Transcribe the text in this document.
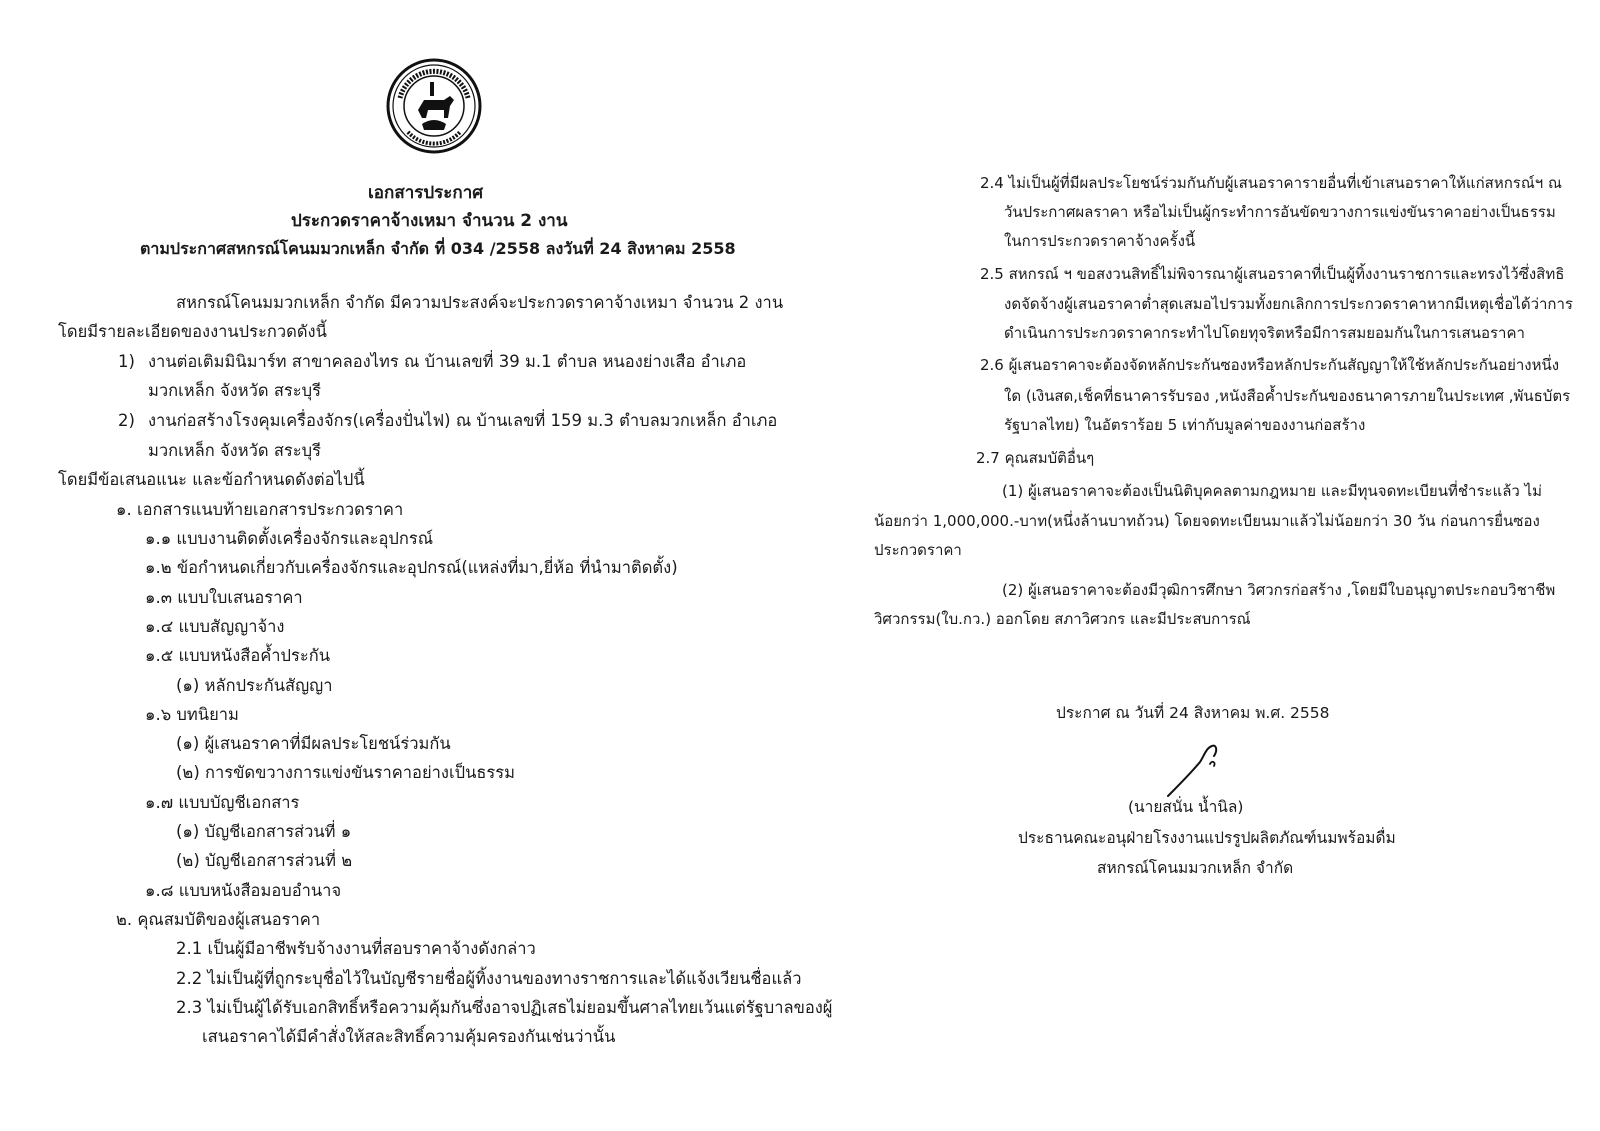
เอกสารประกาศ
ประกวดราคาจ้างเหมา จำนวน 2 งาน
ตามประกาศสหกรณ์โคนมมวกเหล็ก จำกัด ที่ 034 /2558 ลงวันที่ 24 สิงหาคม 2558
สหกรณ์โคนมมวกเหล็ก จำกัด มีความประสงค์จะประกวดราคาจ้างเหมา จำนวน 2 งาน
โดยมีรายละเอียดของงานประกวดดังนี้
1) งานต่อเติมมินิมาร์ท สาขาคลองไทร ณ บ้านเลขที่ 39 ม.1 ตำบล หนองย่างเสือ อำเภอ
มวกเหล็ก จังหวัด สระบุรี
2) งานก่อสร้างโรงคุมเครื่องจักร(เครื่องปั่นไฟ) ณ บ้านเลขที่ 159 ม.3 ตำบลมวกเหล็ก อำเภอ
มวกเหล็ก จังหวัด สระบุรี
โดยมีข้อเสนอแนะ และข้อกำหนดดังต่อไปนี้
๑. เอกสารแนบท้ายเอกสารประกวดราคา
๑.๑ แบบงานติดตั้งเครื่องจักรและอุปกรณ์
๑.๒ ข้อกำหนดเกี่ยวกับเครื่องจักรและอุปกรณ์(แหล่งที่มา,ยี่ห้อ ที่นำมาติดตั้ง)
๑.๓ แบบใบเสนอราคา
๑.๔ แบบสัญญาจ้าง
๑.๕ แบบหนังสือค้ำประกัน
(๑) หลักประกันสัญญา
๑.๖ บทนิยาม
(๑) ผู้เสนอราคาที่มีผลประโยชน์ร่วมกัน
(๒) การขัดขวางการแข่งขันราคาอย่างเป็นธรรม
๑.๗ แบบบัญชีเอกสาร
(๑) บัญชีเอกสารส่วนที่ ๑
(๒) บัญชีเอกสารส่วนที่ ๒
๑.๘ แบบหนังสือมอบอำนาจ
๒. คุณสมบัติของผู้เสนอราคา
2.1 เป็นผู้มีอาชีพรับจ้างงานที่สอบราคาจ้างดังกล่าว
2.2 ไม่เป็นผู้ที่ถูกระบุชื่อไว้ในบัญชีรายชื่อผู้ทิ้งงานของทางราชการและได้แจ้งเวียนชื่อแล้ว
2.3 ไม่เป็นผู้ได้รับเอกสิทธิ์หรือความคุ้มกันซึ่งอาจปฏิเสธไม่ยอมขึ้นศาลไทยเว้นแต่รัฐบาลของผู้
เสนอราคาได้มีคำสั่งให้สละสิทธิ์ความคุ้มครองกันเช่นว่านั้น
2.4 ไม่เป็นผู้ที่มีผลประโยชน์ร่วมกันกับผู้เสนอราคารายอื่นที่เข้าเสนอราคาให้แก่สหกรณ์ฯ ณ
วันประกาศผลราคา หรือไม่เป็นผู้กระทำการอันขัดขวางการแข่งขันราคาอย่างเป็นธรรม
ในการประกวดราคาจ้างครั้งนี้
2.5 สหกรณ์ ฯ ขอสงวนสิทธิ์ไม่พิจารณาผู้เสนอราคาที่เป็นผู้ทิ้งงานราชการและทรงไว้ซึ่งสิทธิ
งดจัดจ้างผู้เสนอราคาต่ำสุดเสมอไปรวมทั้งยกเลิกการประกวดราคาหากมีเหตุเชื่อได้ว่าการ
ดำเนินการประกวดราคากระทำไปโดยทุจริตหรือมีการสมยอมกันในการเสนอราคา
2.6 ผู้เสนอราคาจะต้องจัดหลักประกันซองหรือหลักประกันสัญญาให้ใช้หลักประกันอย่างหนึ่ง
ใด (เงินสด,เช็คที่ธนาคารรับรอง ,หนังสือค้ำประกันของธนาคารภายในประเทศ ,พันธบัตร
รัฐบาลไทย) ในอัตราร้อย 5 เท่ากับมูลค่าของงานก่อสร้าง
2.7 คุณสมบัติอื่นๆ
(1) ผู้เสนอราคาจะต้องเป็นนิติบุคคลตามกฎหมาย และมีทุนจดทะเบียนที่ชำระแล้ว ไม่
น้อยกว่า 1,000,000.-บาท(หนึ่งล้านบาทถ้วน) โดยจดทะเบียนมาแล้วไม่น้อยกว่า 30 วัน ก่อนการยื่นซอง
ประกวดราคา
(2) ผู้เสนอราคาจะต้องมีวุฒิการศึกษา วิศวกรก่อสร้าง ,โดยมีใบอนุญาตประกอบวิชาชีพ
วิศวกรรม(ใบ.กว.) ออกโดย สภาวิศวกร และมีประสบการณ์
ประกาศ ณ วันที่ 24 สิงหาคม พ.ศ. 2558
(นายสนั่น น้ำนิล)
ประธานคณะอนุฝ่ายโรงงานแปรรูปผลิตภัณฑ์นมพร้อมดื่ม
สหกรณ์โคนมมวกเหล็ก จำกัด
